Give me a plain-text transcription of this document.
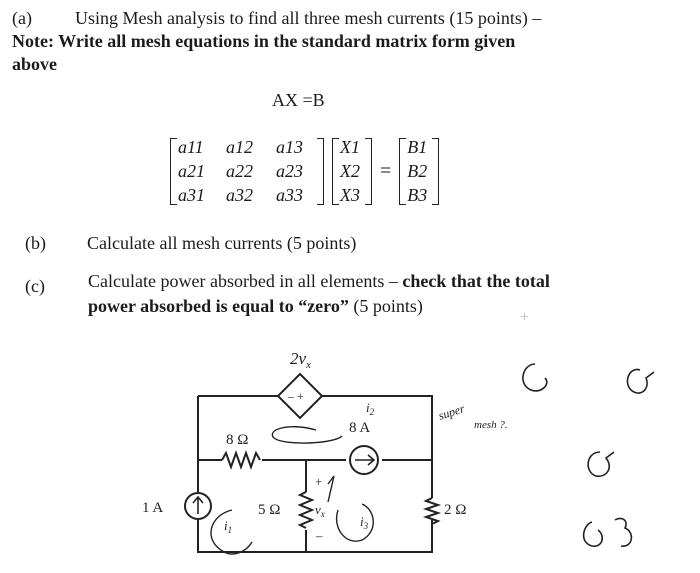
(a) Using Mesh analysis to find all three mesh currents (15 points) –
Note: Write all mesh equations in the standard matrix form given
above
AX =B
a11	a12	a13
a21	a22	a23
a31	a32	a33
X1
X2
X3
=
B1
B2
B3
(b) Calculate all mesh currents (5 points)
(c) Calculate power absorbed in all elements – check that the total
power absorbed is equal to “zero” (5 points)
$2v_x$
– +
8 Ω
5 Ω	2 Ω
1 A
8 A
+
$v_x$
–
$i_1$
$i_2$
$i_3$
super
mesh ?.
+
